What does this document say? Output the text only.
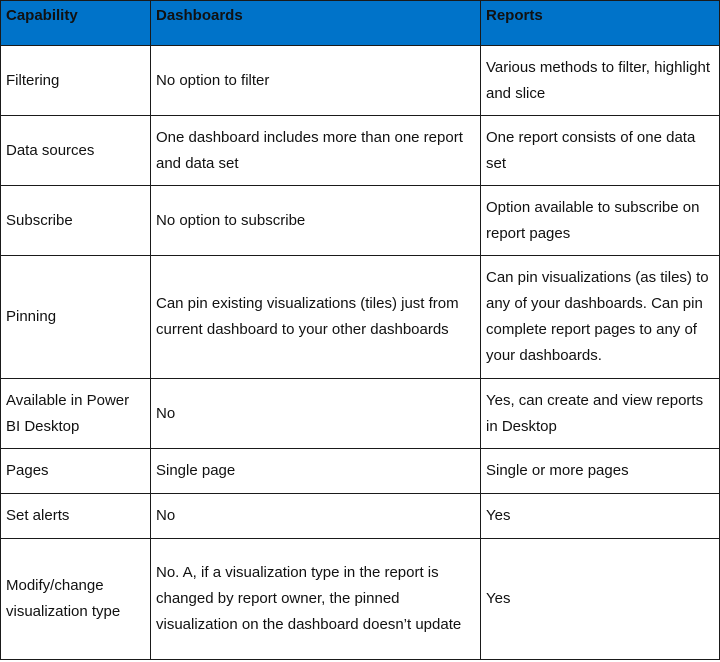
Capability	Dashboards	Reports
Filtering	No option to filter	Various methods to filter, highlight and slice
Data sources	One dashboard includes more than one report and data set	One report consists of one data set
Subscribe	No option to subscribe	Option available to subscribe on report pages
Pinning	Can pin existing visualizations (tiles) just from current dashboard to your other dashboards	Can pin visualizations (as tiles) to any of your dashboards. Can pin complete report pages to any of your dashboards.
Available in Power BI Desktop	No	Yes, can create and view reports in Desktop
Pages	Single page	Single or more pages
Set alerts	No	Yes
Modify/change visualization type	No. A, if a visualization type in the report is changed by report owner, the pinned visualization on the dashboard doesn’t update	Yes
